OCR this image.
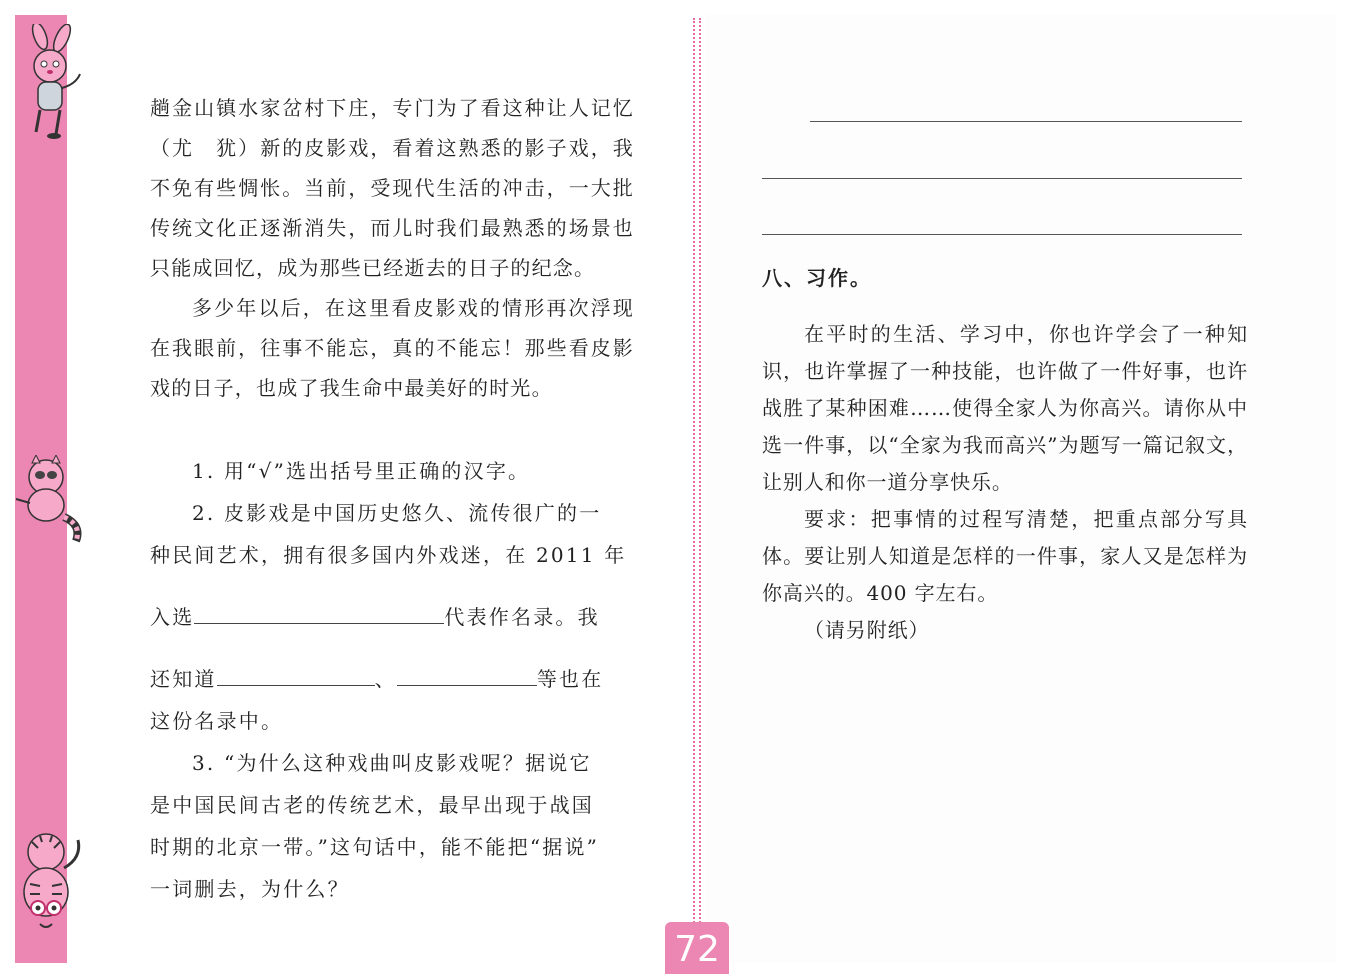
趟金山镇水家岔村下庄，专门为了看这种让人记忆（尤　犹）新的皮影戏，看着这熟悉的影子戏，我不免有些惆怅。当前，受现代生活的冲击，一大批传统文化正逐渐消失，而儿时我们最熟悉的场景也只能成回忆，成为那些已经逝去的日子的纪念。

多少年以后，在这里看皮影戏的情形再次浮现在我眼前，往事不能忘，真的不能忘！那些看皮影戏的日子，也成了我生命中最美好的时光。

1. 用“√”选出括号里正确的汉字。

2. 皮影戏是中国历史悠久、流传很广的一

种民间艺术，拥有很多国内外戏迷，在 2011 年

入选	代表作名录。我

还知道	、	等也在

这份名录中。

3. “为什么这种戏曲叫皮影戏呢？据说它

是中国民间古老的传统艺术，最早出现于战国

时期的北京一带。”这句话中，能不能把“据说”

一词删去，为什么？

八、习作。

在平时的生活、学习中，你也许学会了一种知识，也许掌握了一种技能，也许做了一件好事，也许战胜了某种困难……使得全家人为你高兴。请你从中选一件事，以“全家为我而高兴”为题写一篇记叙文，让别人和你一道分享快乐。

要求：把事情的过程写清楚，把重点部分写具体。要让别人知道是怎样的一件事，家人又是怎样为你高兴的。400 字左右。

（请另附纸）

72
